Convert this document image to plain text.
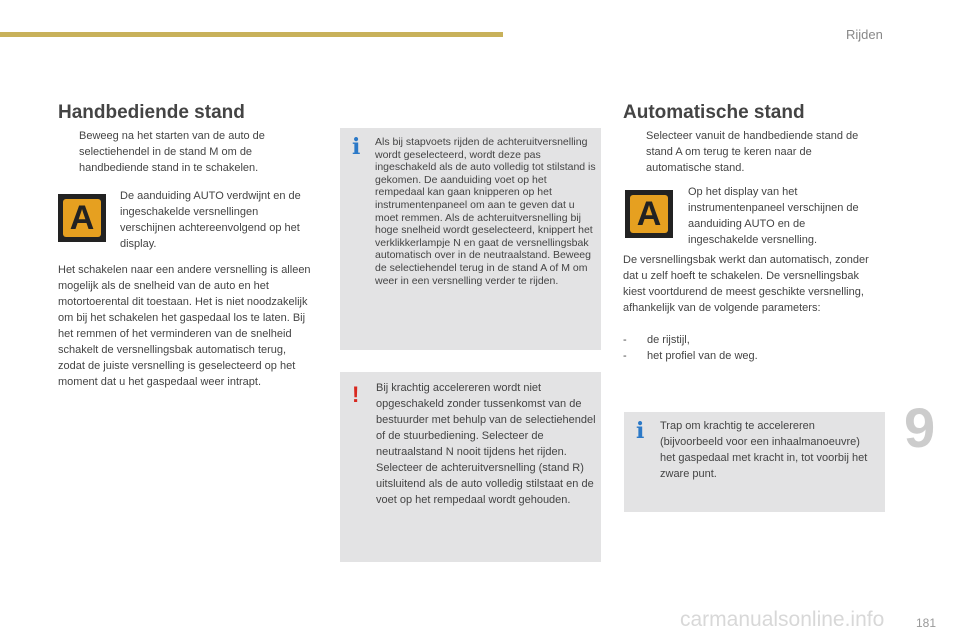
Rijden
9
Handbediende stand
Beweeg na het starten van de auto de selectiehendel in de stand M om de handbediende stand in te schakelen.
A
De aanduiding AUTO verdwijnt en de ingeschakelde versnellingen verschijnen achtereenvolgend op het display.
Het schakelen naar een andere versnelling is alleen mogelijk als de snelheid van de auto en het motortoerental dit toestaan. Het is niet noodzakelijk om bij het schakelen het gaspedaal los te laten. Bij het remmen of het verminderen van de snelheid schakelt de versnellingsbak automatisch terug, zodat de juiste versnelling is geselecteerd op het moment dat u het gaspedaal weer intrapt.
i Als bij stapvoets rijden de achteruitversnelling wordt geselecteerd, wordt deze pas ingeschakeld als de auto volledig tot stilstand is gekomen. De aanduiding voet op het rempedaal kan gaan knipperen op het instrumentenpaneel om aan te geven dat u moet remmen. Als de achteruitversnelling bij hoge snelheid wordt geselecteerd, knippert het verklikkerlampje N en gaat de versnellingsbak automatisch over in de neutraalstand. Beweeg de selectiehendel terug in de stand A of M om weer in een versnelling verder te rijden.
! Bij krachtig accelereren wordt niet opgeschakeld zonder tussenkomst van de bestuurder met behulp van de selectiehendel of de stuurbediening. Selecteer de neutraalstand N nooit tijdens het rijden. Selecteer de achteruitversnelling (stand R) uitsluitend als de auto volledig stilstaat en de voet op het rempedaal wordt gehouden.
Automatische stand
Selecteer vanuit de handbediende stand de stand A om terug te keren naar de automatische stand.
A
Op het display van het instrumentenpaneel verschijnen de aanduiding AUTO en de ingeschakelde versnelling.
De versnellingsbak werkt dan automatisch, zonder dat u zelf hoeft te schakelen. De versnellingsbak kiest voortdurend de meest geschikte versnelling, afhankelijk van de volgende parameters:
- de rijstijl,
- het profiel van de weg.
i Trap om krachtig te accelereren (bijvoorbeeld voor een inhaalmanoeuvre) het gaspedaal met kracht in, tot voorbij het zware punt.
carmanualsonline.info	181
